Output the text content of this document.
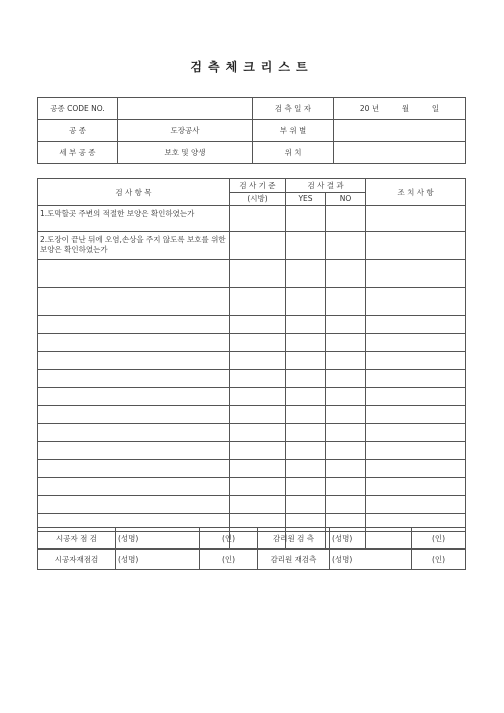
검측체크리스트
공종 CODE NO.		검 측 일 자	20 년 월 일
공 종	도장공사	부 위 별	
세 부 공 종	보호 및 양생	위 치	
검 사 항 목	검 사 기 준	검 사 결 과		조 치 사 항
	(시방)	YES	NO	
1.도막할곳 주변의 적절한 보양은 확인하였는가				
2.도장이 끝난 뒤에 오염,손상을 주지 않도록 보호를 위한 보양은 확인하였는가				

시공자 점 검	(성명)	(인)	감리원 검 측	(성명)	(인)
시공자재점검	(성명)	(인)	감리원 재검측	(성명)	(인)
